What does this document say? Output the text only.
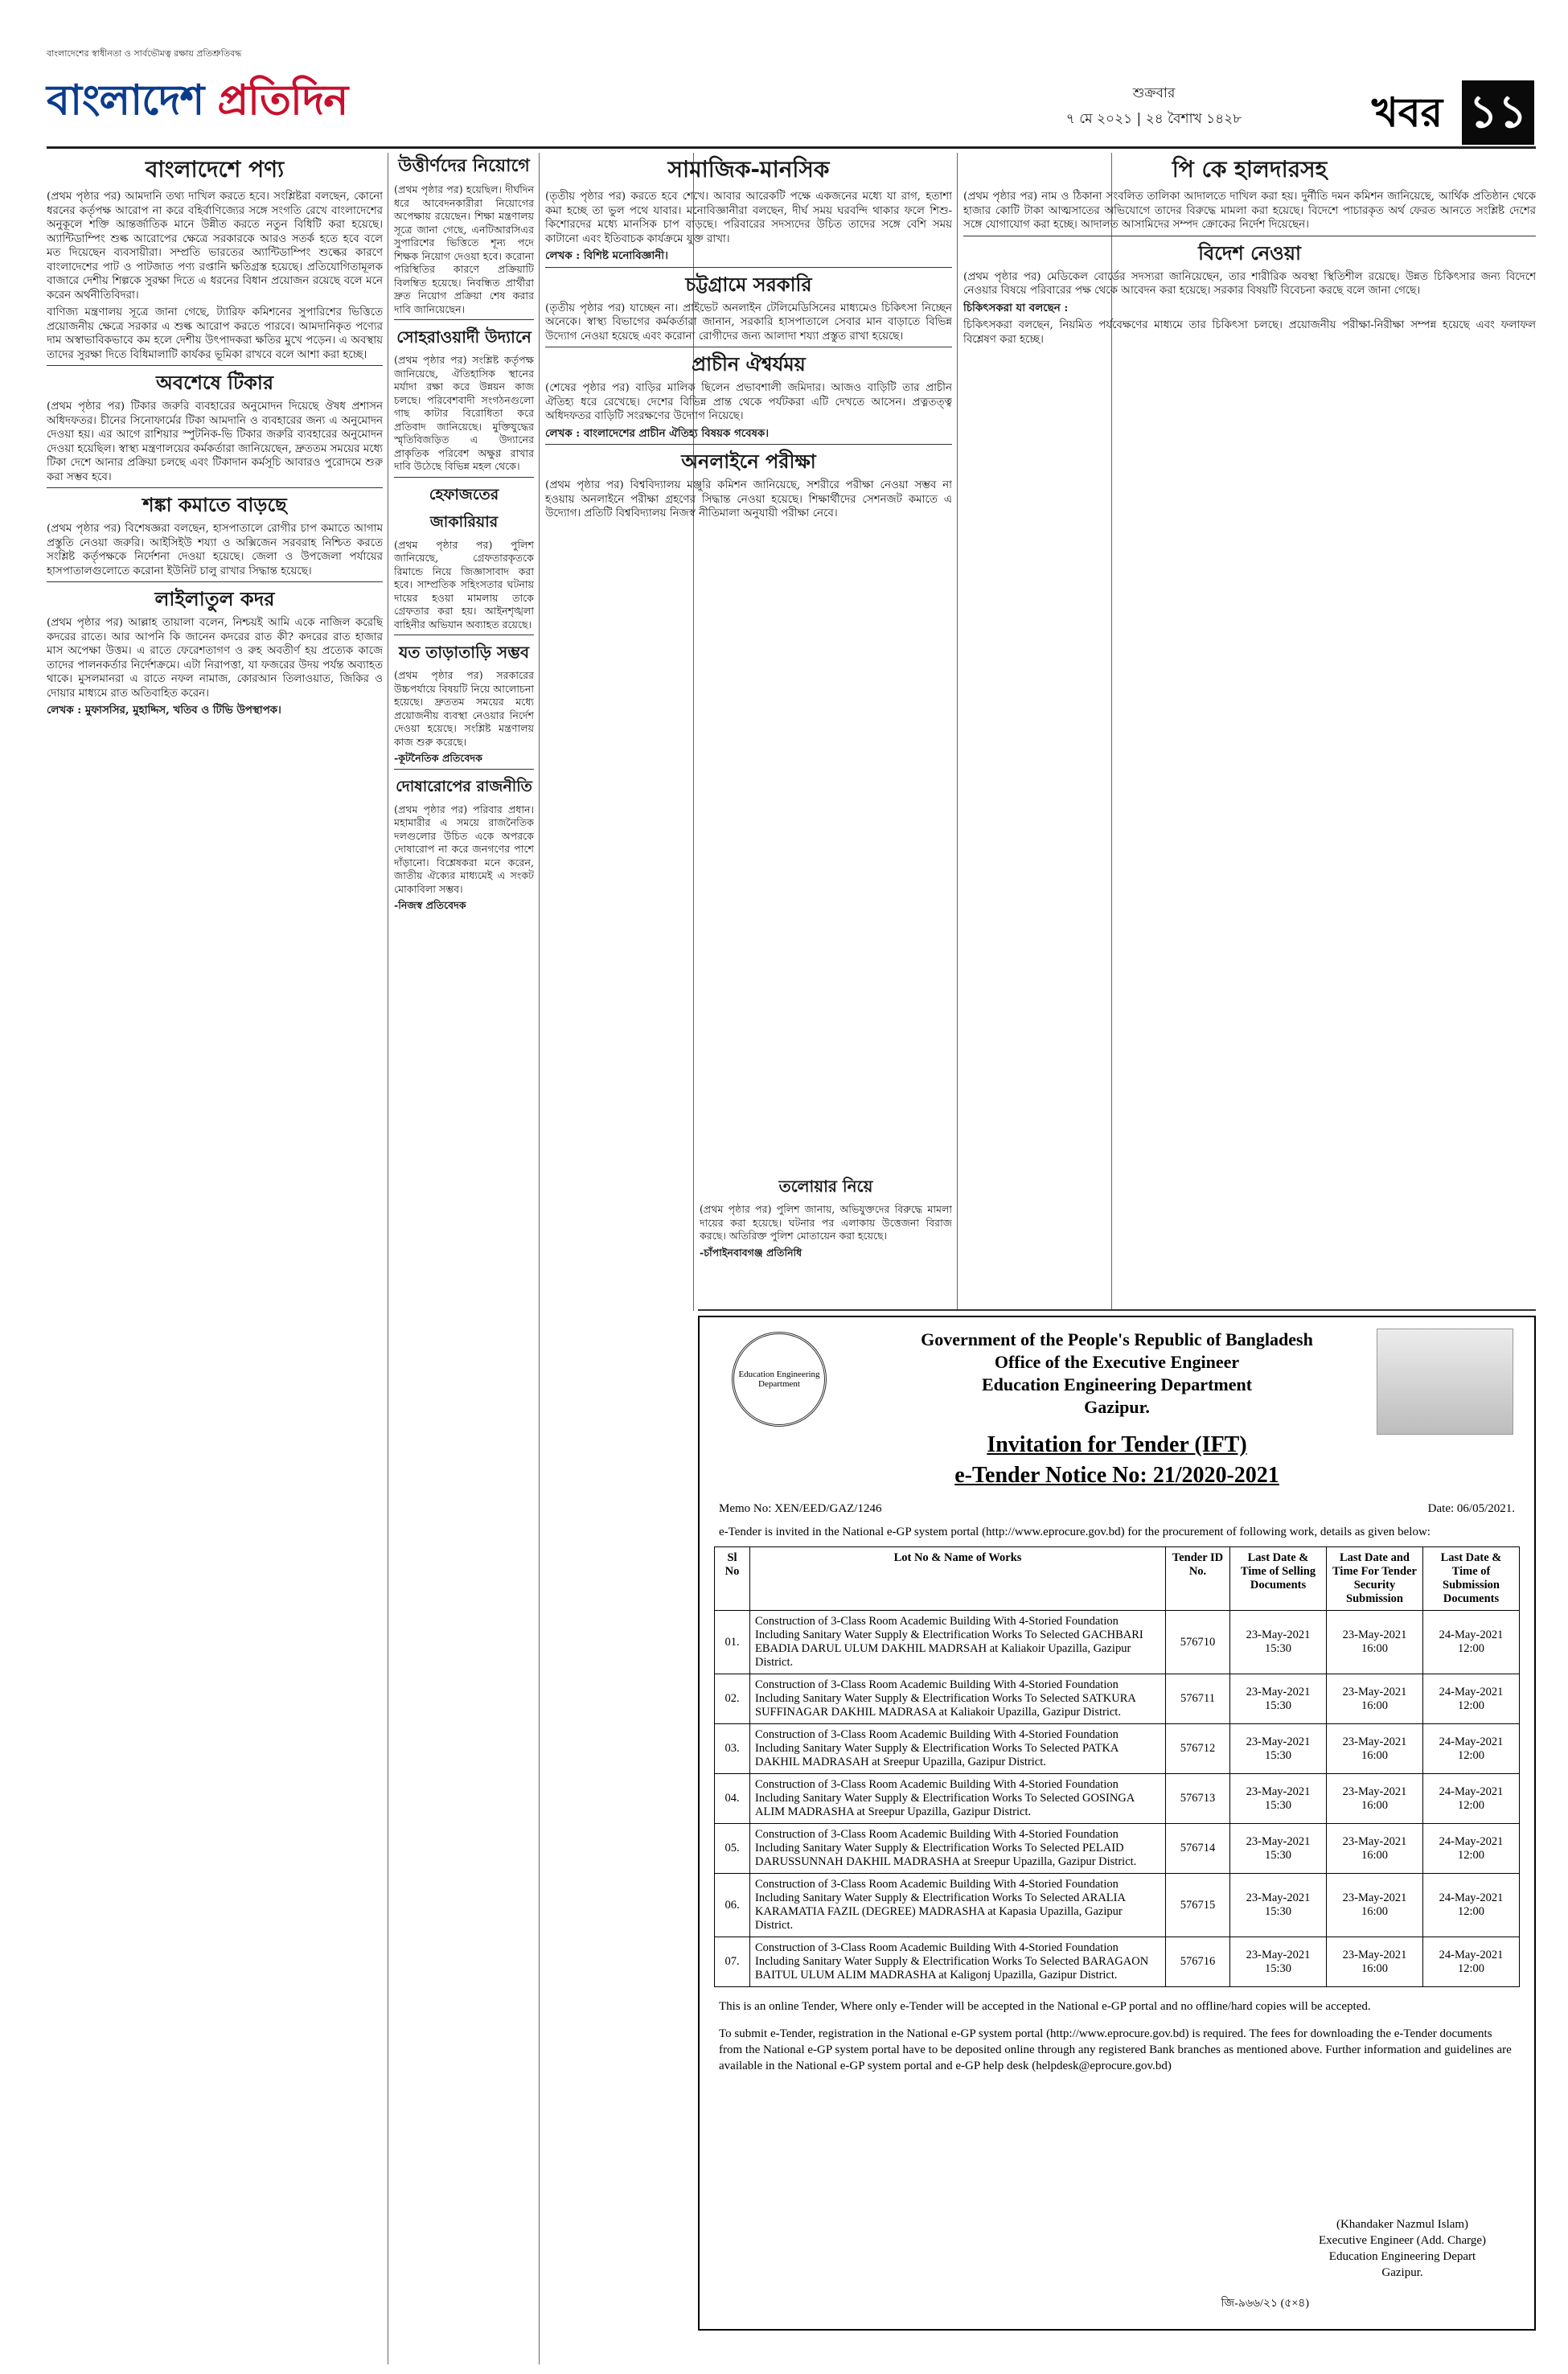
বাংলাদেশের স্বাধীনতা ও সার্বভৌমত্ব রক্ষায় প্রতিশ্রুতিবদ্ধ
বাংলাদেশ প্রতিদিন	শুক্রবার
৭ মে ২০২১ | ২৪ বৈশাখ ১৪২৮	খবর ১১
বাংলাদেশে পণ্য

(প্রথম পৃষ্ঠার পর) আমদানি তথ্য দাখিল করতে হবে। সংশ্লিষ্টরা বলছেন, কোনো ধরনের কর্তৃপক্ষ আরোপ না করে বহির্বাণিজ্যের সঙ্গে সংগতি রেখে বাংলাদেশের অনুকূলে শক্তি আন্তর্জাতিক মানে উন্নীত করতে নতুন বিধিটি করা হয়েছে। অ্যান্টিডাম্পিং শুল্ক আরোপের ক্ষেত্রে সরকারকে আরও সতর্ক হতে হবে বলে মত দিয়েছেন ব্যবসায়ীরা। সম্প্রতি ভারতের অ্যান্টিডাম্পিং শুল্কের কারণে বাংলাদেশের পাট ও পাটজাত পণ্য রপ্তানি ক্ষতিগ্রস্ত হয়েছে। প্রতিযোগিতামূলক বাজারে দেশীয় শিল্পকে সুরক্ষা দিতে এ ধরনের বিধান প্রয়োজন রয়েছে বলে মনে করেন অর্থনীতিবিদরা।

বাণিজ্য মন্ত্রণালয় সূত্রে জানা গেছে, ট্যারিফ কমিশনের সুপারিশের ভিত্তিতে প্রয়োজনীয় ক্ষেত্রে সরকার এ শুল্ক আরোপ করতে পারবে। আমদানিকৃত পণ্যের দাম অস্বাভাবিকভাবে কম হলে দেশীয় উৎপাদকরা ক্ষতির মুখে পড়েন। এ অবস্থায় তাদের সুরক্ষা দিতে বিধিমালাটি কার্যকর ভূমিকা রাখবে বলে আশা করা হচ্ছে।

অবশেষে টিকার

(প্রথম পৃষ্ঠার পর) টিকার জরুরি ব্যবহারের অনুমোদন দিয়েছে ঔষধ প্রশাসন অধিদফতর। চীনের সিনোফার্মের টিকা আমদানি ও ব্যবহারের জন্য এ অনুমোদন দেওয়া হয়। এর আগে রাশিয়ার স্পুটনিক-ভি টিকার জরুরি ব্যবহারের অনুমোদন দেওয়া হয়েছিল। স্বাস্থ্য মন্ত্রণালয়ের কর্মকর্তারা জানিয়েছেন, দ্রুততম সময়ের মধ্যে টিকা দেশে আনার প্রক্রিয়া চলছে এবং টিকাদান কর্মসূচি আবারও পুরোদমে শুরু করা সম্ভব হবে।

শঙ্কা কমাতে বাড়ছে

(প্রথম পৃষ্ঠার পর) বিশেষজ্ঞরা বলছেন, হাসপাতালে রোগীর চাপ কমাতে আগাম প্রস্তুতি নেওয়া জরুরি। আইসিইউ শয্যা ও অক্সিজেন সরবরাহ নিশ্চিত করতে সংশ্লিষ্ট কর্তৃপক্ষকে নির্দেশনা দেওয়া হয়েছে। জেলা ও উপজেলা পর্যায়ের হাসপাতালগুলোতে করোনা ইউনিট চালু রাখার সিদ্ধান্ত হয়েছে।

লাইলাতুল কদর

(প্রথম পৃষ্ঠার পর) আল্লাহ তায়ালা বলেন, নিশ্চয়ই আমি একে নাজিল করেছি কদরের রাতে। আর আপনি কি জানেন কদরের রাত কী? কদরের রাত হাজার মাস অপেক্ষা উত্তম। এ রাতে ফেরেশতাগণ ও রুহ অবতীর্ণ হয় প্রত্যেক কাজে তাদের পালনকর্তার নির্দেশক্রমে। এটা নিরাপত্তা, যা ফজরের উদয় পর্যন্ত অব্যাহত থাকে। মুসলমানরা এ রাতে নফল নামাজ, কোরআন তিলাওয়াত, জিকির ও দোয়ার মাধ্যমে রাত অতিবাহিত করেন।

লেখক : মুফাসসির, মুহাদ্দিস, খতিব ও টিভি উপস্থাপক।

উত্তীর্ণদের নিয়োগে

(প্রথম পৃষ্ঠার পর) হয়েছিল। দীর্ঘদিন ধরে আবেদনকারীরা নিয়োগের অপেক্ষায় রয়েছেন। শিক্ষা মন্ত্রণালয় সূত্রে জানা গেছে, এনটিআরসিএর সুপারিশের ভিত্তিতে শূন্য পদে শিক্ষক নিয়োগ দেওয়া হবে। করোনা পরিস্থিতির কারণে প্রক্রিয়াটি বিলম্বিত হয়েছে। নিবন্ধিত প্রার্থীরা দ্রুত নিয়োগ প্রক্রিয়া শেষ করার দাবি জানিয়েছেন।

সোহরাওয়ার্দী উদ্যানে

(প্রথম পৃষ্ঠার পর) সংশ্লিষ্ট কর্তৃপক্ষ জানিয়েছে, ঐতিহাসিক স্থানের মর্যাদা রক্ষা করে উন্নয়ন কাজ চলছে। পরিবেশবাদী সংগঠনগুলো গাছ কাটার বিরোধিতা করে প্রতিবাদ জানিয়েছে। মুক্তিযুদ্ধের স্মৃতিবিজড়িত এ উদ্যানের প্রাকৃতিক পরিবেশ অক্ষুণ্ণ রাখার দাবি উঠেছে বিভিন্ন মহল থেকে।

হেফাজতের জাকারিয়ার

(প্রথম পৃষ্ঠার পর) পুলিশ জানিয়েছে, গ্রেফতারকৃতকে রিমান্ডে নিয়ে জিজ্ঞাসাবাদ করা হবে। সাম্প্রতিক সহিংসতার ঘটনায় দায়ের হওয়া মামলায় তাকে গ্রেফতার করা হয়। আইনশৃঙ্খলা বাহিনীর অভিযান অব্যাহত রয়েছে।

যত তাড়াতাড়ি সম্ভব

(প্রথম পৃষ্ঠার পর) সরকারের উচ্চপর্যায়ে বিষয়টি নিয়ে আলোচনা হয়েছে। দ্রুততম সময়ের মধ্যে প্রয়োজনীয় ব্যবস্থা নেওয়ার নির্দেশ দেওয়া হয়েছে। সংশ্লিষ্ট মন্ত্রণালয় কাজ শুরু করেছে।

-কূটনৈতিক প্রতিবেদক

দোষারোপের রাজনীতি

(প্রথম পৃষ্ঠার পর) পরিবার প্রধান। মহামারীর এ সময়ে রাজনৈতিক দলগুলোর উচিত একে অপরকে দোষারোপ না করে জনগণের পাশে দাঁড়ানো। বিশ্লেষকরা মনে করেন, জাতীয় ঐক্যের মাধ্যমেই এ সংকট মোকাবিলা সম্ভব।

-নিজস্ব প্রতিবেদক

সামাজিক-মানসিক

(তৃতীয় পৃষ্ঠার পর) করতে হবে শেখে। আবার আরেকটি পক্ষে একজনের মধ্যে যা রাগ, হতাশা কমা হচ্ছে তা ভুল পথে যাবার। মনোবিজ্ঞানীরা বলছেন, দীর্ঘ সময় ঘরবন্দি থাকার ফলে শিশু-কিশোরদের মধ্যে মানসিক চাপ বাড়ছে। পরিবারের সদস্যদের উচিত তাদের সঙ্গে বেশি সময় কাটানো এবং ইতিবাচক কার্যক্রমে যুক্ত রাখা।

লেখক : বিশিষ্ট মনোবিজ্ঞানী।

চট্টগ্রামে সরকারি

(তৃতীয় পৃষ্ঠার পর) যাচ্ছেন না। প্রাইভেট অনলাইন টেলিমেডিসিনের মাধ্যমেও চিকিৎসা নিচ্ছেন অনেকে। স্বাস্থ্য বিভাগের কর্মকর্তারা জানান, সরকারি হাসপাতালে সেবার মান বাড়াতে বিভিন্ন উদ্যোগ নেওয়া হয়েছে এবং করোনা রোগীদের জন্য আলাদা শয্যা প্রস্তুত রাখা হয়েছে।

প্রাচীন ঐশ্বর্যময়

(শেষের পৃষ্ঠার পর) বাড়ির মালিক ছিলেন প্রভাবশালী জমিদার। আজও বাড়িটি তার প্রাচীন ঐতিহ্য ধরে রেখেছে। দেশের বিভিন্ন প্রান্ত থেকে পর্যটকরা এটি দেখতে আসেন। প্রত্নতত্ত্ব অধিদফতর বাড়িটি সংরক্ষণের উদ্যোগ নিয়েছে।

লেখক : বাংলাদেশের প্রাচীন ঐতিহ্য বিষয়ক গবেষক।

অনলাইনে পরীক্ষা

(প্রথম পৃষ্ঠার পর) বিশ্ববিদ্যালয় মঞ্জুরি কমিশন জানিয়েছে, সশরীরে পরীক্ষা নেওয়া সম্ভব না হওয়ায় অনলাইনে পরীক্ষা গ্রহণের সিদ্ধান্ত নেওয়া হয়েছে। শিক্ষার্থীদের সেশনজট কমাতে এ উদ্যোগ। প্রতিটি বিশ্ববিদ্যালয় নিজস্ব নীতিমালা অনুযায়ী পরীক্ষা নেবে।

তলোয়ার নিয়ে

(প্রথম পৃষ্ঠার পর) পুলিশ জানায়, অভিযুক্তদের বিরুদ্ধে মামলা দায়ের করা হয়েছে। ঘটনার পর এলাকায় উত্তেজনা বিরাজ করছে। অতিরিক্ত পুলিশ মোতায়েন করা হয়েছে।

-চাঁপাইনবাবগঞ্জ প্রতিনিধি

পি কে হালদারসহ

(প্রথম পৃষ্ঠার পর) নাম ও ঠিকানা সংবলিত তালিকা আদালতে দাখিল করা হয়। দুর্নীতি দমন কমিশন জানিয়েছে, আর্থিক প্রতিষ্ঠান থেকে হাজার কোটি টাকা আত্মসাতের অভিযোগে তাদের বিরুদ্ধে মামলা করা হয়েছে। বিদেশে পাচারকৃত অর্থ ফেরত আনতে সংশ্লিষ্ট দেশের সঙ্গে যোগাযোগ করা হচ্ছে। আদালত আসামিদের সম্পদ ক্রোকের নির্দেশ দিয়েছেন।

বিদেশ নেওয়া

(প্রথম পৃষ্ঠার পর) মেডিকেল বোর্ডের সদস্যরা জানিয়েছেন, তার শারীরিক অবস্থা স্থিতিশীল রয়েছে। উন্নত চিকিৎসার জন্য বিদেশে নেওয়ার বিষয়ে পরিবারের পক্ষ থেকে আবেদন করা হয়েছে। সরকার বিষয়টি বিবেচনা করছে বলে জানা গেছে।

চিকিৎসকরা যা বলছেন :

চিকিৎসকরা বলছেন, নিয়মিত পর্যবেক্ষণের মাধ্যমে তার চিকিৎসা চলছে। প্রয়োজনীয় পরীক্ষা-নিরীক্ষা সম্পন্ন হয়েছে এবং ফলাফল বিশ্লেষণ করা হচ্ছে।

Education Engineering Department
Government of the People's Republic of Bangladesh
Office of the Executive Engineer
Education Engineering Department
Gazipur.
Invitation for Tender (IFT)
e-Tender Notice No: 21/2020-2021
Memo No: XEN/EED/GAZ/1246	Date: 06/05/2021.
e-Tender is invited in the National e-GP system portal (http://www.eprocure.gov.bd) for the procurement of following work, details as given below:
Sl No	Lot No & Name of Works	Tender ID No.	Last Date & Time of Selling Documents	Last Date and Time For Tender Security Submission	Last Date & Time of Submission Documents
01.	Construction of 3-Class Room Academic Building With 4-Storied Foundation Including Sanitary Water Supply & Electrification Works To Selected GACHBARI EBADIA DARUL ULUM DAKHIL MADRSAH at Kaliakoir Upazilla, Gazipur District.	576710	23-May-2021 15:30	23-May-2021 16:00	24-May-2021 12:00
02.	Construction of 3-Class Room Academic Building With 4-Storied Foundation Including Sanitary Water Supply & Electrification Works To Selected SATKURA SUFFINAGAR DAKHIL MADRASA at Kaliakoir Upazilla, Gazipur District.	576711	23-May-2021 15:30	23-May-2021 16:00	24-May-2021 12:00
03.	Construction of 3-Class Room Academic Building With 4-Storied Foundation Including Sanitary Water Supply & Electrification Works To Selected PATKA DAKHIL MADRASAH at Sreepur Upazilla, Gazipur District.	576712	23-May-2021 15:30	23-May-2021 16:00	24-May-2021 12:00
04.	Construction of 3-Class Room Academic Building With 4-Storied Foundation Including Sanitary Water Supply & Electrification Works To Selected GOSINGA ALIM MADRASHA at Sreepur Upazilla, Gazipur District.	576713	23-May-2021 15:30	23-May-2021 16:00	24-May-2021 12:00
05.	Construction of 3-Class Room Academic Building With 4-Storied Foundation Including Sanitary Water Supply & Electrification Works To Selected PELAID DARUSSUNNAH DAKHIL MADRASHA at Sreepur Upazilla, Gazipur District.	576714	23-May-2021 15:30	23-May-2021 16:00	24-May-2021 12:00
06.	Construction of 3-Class Room Academic Building With 4-Storied Foundation Including Sanitary Water Supply & Electrification Works To Selected ARALIA KARAMATIA FAZIL (DEGREE) MADRASHA at Kapasia Upazilla, Gazipur District.	576715	23-May-2021 15:30	23-May-2021 16:00	24-May-2021 12:00
07.	Construction of 3-Class Room Academic Building With 4-Storied Foundation Including Sanitary Water Supply & Electrification Works To Selected BARAGAON BAITUL ULUM ALIM MADRASHA at Kaligonj Upazilla, Gazipur District.	576716	23-May-2021 15:30	23-May-2021 16:00	24-May-2021 12:00
This is an online Tender, Where only e-Tender will be accepted in the National e-GP portal and no offline/hard copies will be accepted.
To submit e-Tender, registration in the National e-GP system portal (http://www.eprocure.gov.bd) is required. The fees for downloading the e-Tender documents from the National e-GP system portal have to be deposited online through any registered Bank branches as mentioned above. Further information and guidelines are available in the National e-GP system portal and e-GP help desk (helpdesk@eprocure.gov.bd)
(Khandaker Nazmul Islam)
Executive Engineer (Add. Charge)
Education Engineering Depart
Gazipur.
জি-৯৬৬/২১ (৫×৪)
